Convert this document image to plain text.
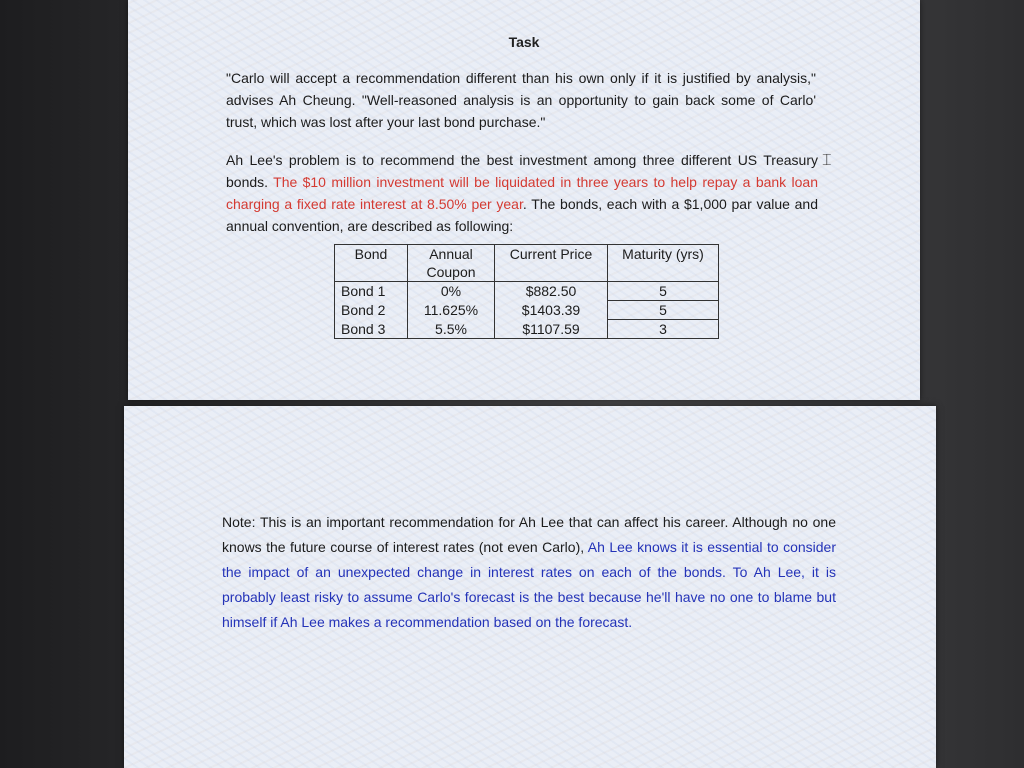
Task
"Carlo will accept a recommendation different than his own only if it is justified by analysis," advises Ah Cheung. "Well-reasoned analysis is an opportunity to gain back some of Carlo' trust, which was lost after your last bond purchase."
Ah Lee's problem is to recommend the best investment among three different US Treasury bonds. The $10 million investment will be liquidated in three years to help repay a bank loan charging a fixed rate interest at 8.50% per year. The bonds, each with a $1,000 par value and annual convention, are described as following:
⌶
Bond	Annual Coupon	Current Price	Maturity (yrs)
Bond 1	0%	$882.50	5
Bond 2	11.625%	$1403.39	5
Bond 3	5.5%	$1107.59	3
Note: This is an important recommendation for Ah Lee that can affect his career. Although no one knows the future course of interest rates (not even Carlo), Ah Lee knows it is essential to consider the impact of an unexpected change in interest rates on each of the bonds. To Ah Lee, it is probably least risky to assume Carlo's forecast is the best because he'll have no one to blame but himself if Ah Lee makes a recommendation based on the forecast.
